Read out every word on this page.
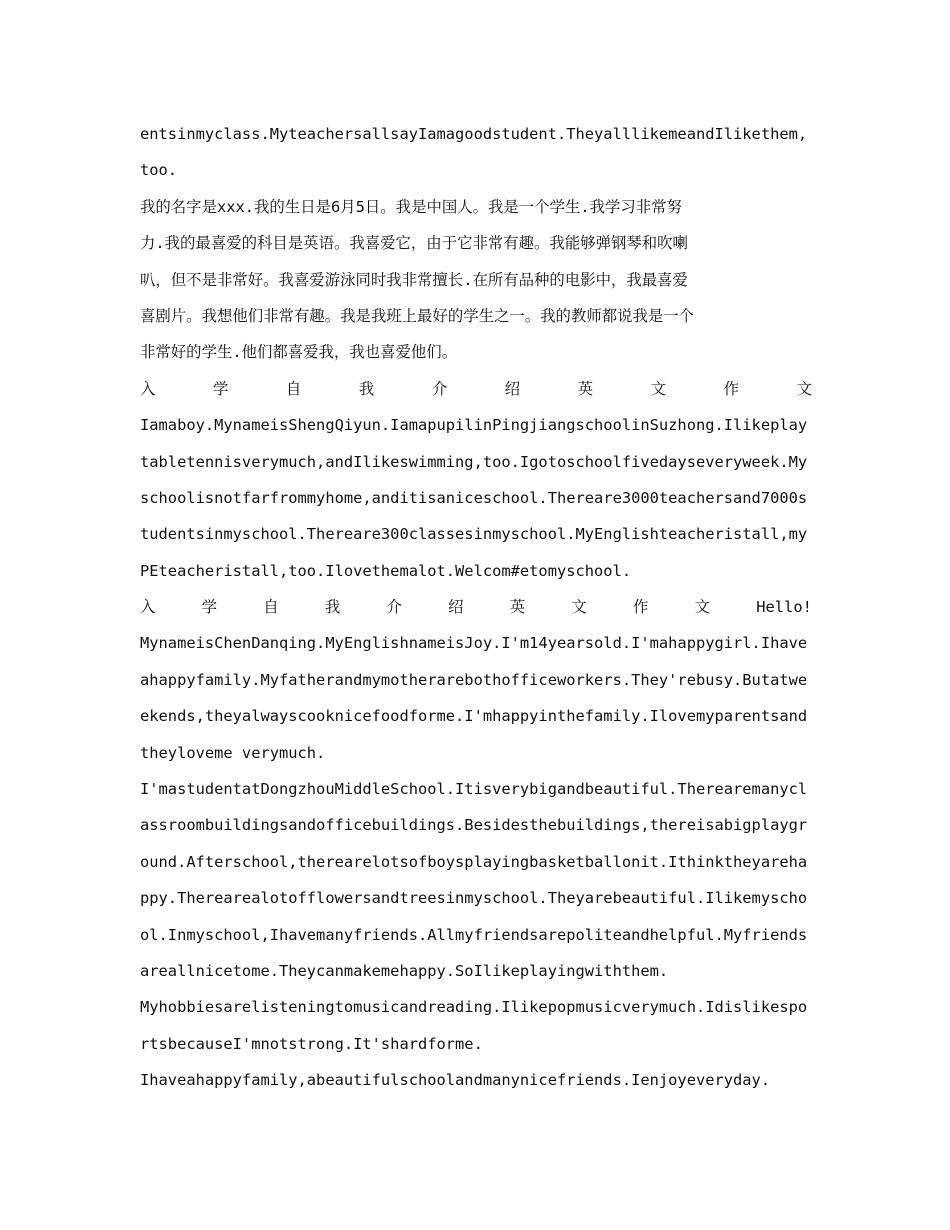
entsinmyclass.MyteachersallsayIamagoodstudent.TheyalllikemeandIlikethem,
too.
我的名字是xxx.我的生日是6月5日。我是中国人。我是一个学生.我学习非常努
力.我的最喜爱的科目是英语。我喜爱它，由于它非常有趣。我能够弹钢琴和吹喇
叭，但不是非常好。我喜爱游泳同时我非常擅长.在所有品种的电影中，我最喜爱
喜剧片。我想他们非常有趣。我是我班上最好的学生之一。我的教师都说我是一个
非常好的学生.他们都喜爱我，我也喜爱他们。
入	学	自	我	介	绍	英	文	作	文
Iamaboy.MynameisShengQiyun.IamapupilinPingjiangschoolinSuzhong.Ilikeplay
tabletennisverymuch,andIlikeswimming,too.Igotoschoolfivedayseveryweek.My
schoolisnotfarfrommyhome,anditisaniceschool.Thereare3000teachersand7000s
tudentsinmyschool.Thereare300classesinmyschool.MyEnglishteacheristall,my
PEteacheristall,too.Ilovethemalot.Welcom#etomyschool.
入	学	自	我	介	绍	英	文	作	文	Hello!
MynameisChenDanqing.MyEnglishnameisJoy.I'm14yearsold.I'mahappygirl.Ihave
ahappyfamily.Myfatherandmymotherarebothofficeworkers.They'rebusy.Butatwe
ekends,theyalwayscooknicefoodforme.I'mhappyinthefamily.Ilovemyparentsand
theyloveme verymuch.
I'mastudentatDongzhouMiddleSchool.Itisverybigandbeautiful.Therearemanycl
assroombuildingsandofficebuildings.Besidesthebuildings,thereisabigplaygr
ound.Afterschool,therearelotsofboysplayingbasketballonit.Ithinktheyareha
ppy.Therearealotofflowersandtreesinmyschool.Theyarebeautiful.Ilikemyscho
ol.Inmyschool,Ihavemanyfriends.Allmyfriendsarepoliteandhelpful.Myfriends
areallnicetome.Theycanmakemehappy.SoIlikeplayingwiththem.
Myhobbiesarelisteningtomusicandreading.Ilikepopmusicverymuch.Idislikespo
rtsbecauseI'mnotstrong.It'shardforme.
Ihaveahappyfamily,abeautifulschoolandmanynicefriends.Ienjoyeveryday.
